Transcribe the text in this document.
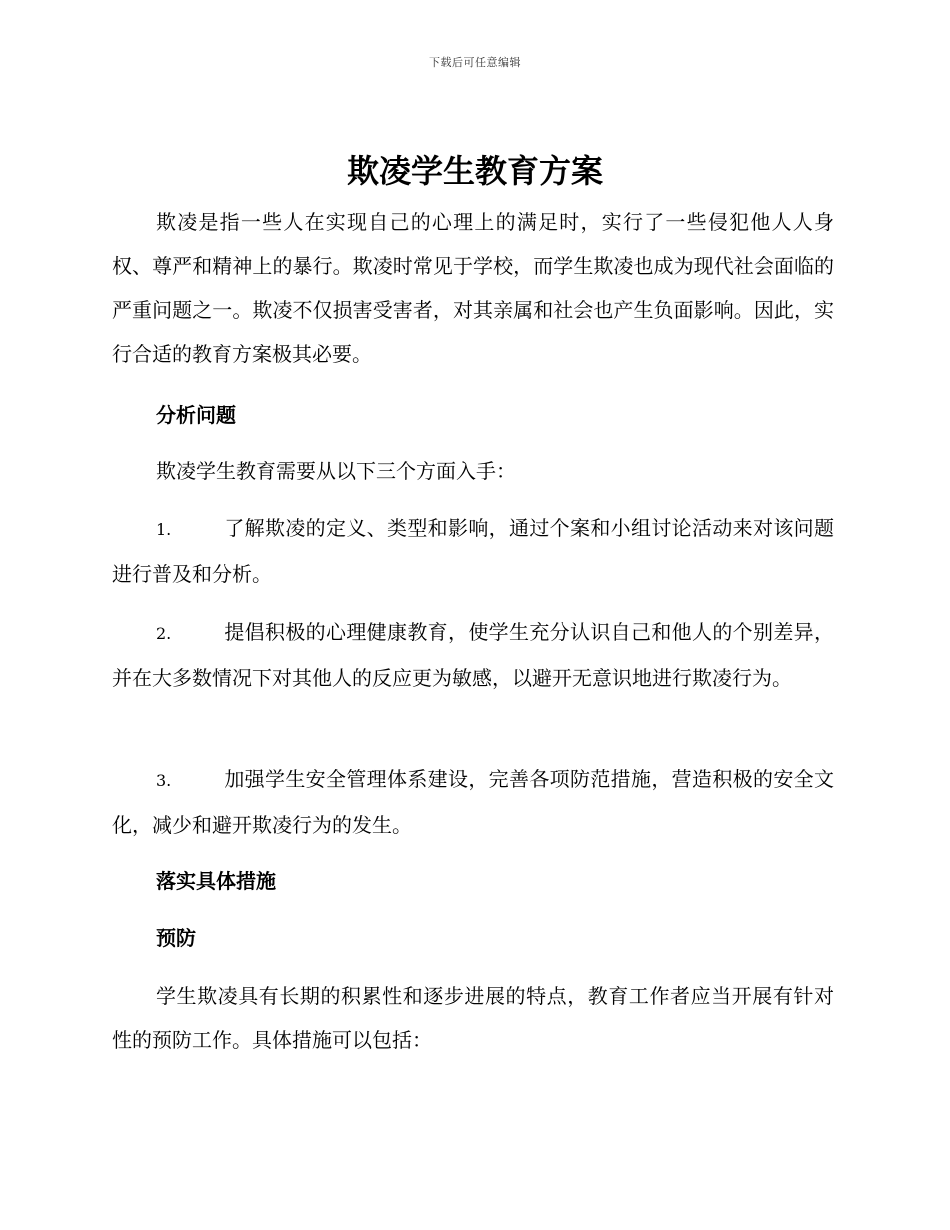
下载后可任意编辑
欺凌学生教育方案

欺凌是指一些人在实现自己的心理上的满足时，实行了一些侵犯他人人身权、尊严和精神上的暴行。欺凌时常见于学校，而学生欺凌也成为现代社会面临的严重问题之一。欺凌不仅损害受害者，对其亲属和社会也产生负面影响。因此，实行合适的教育方案极其必要。

分析问题

欺凌学生教育需要从以下三个方面入手：

1.	了解欺凌的定义、类型和影响，通过个案和小组讨论活动来对该问题进行普及和分析。

2.	提倡积极的心理健康教育，使学生充分认识自己和他人的个别差异，并在大多数情况下对其他人的反应更为敏感，以避开无意识地进行欺凌行为。

3.	加强学生安全管理体系建设，完善各项防范措施，营造积极的安全文化，减少和避开欺凌行为的发生。

落实具体措施

预防

学生欺凌具有长期的积累性和逐步进展的特点，教育工作者应当开展有针对性的预防工作。具体措施可以包括：
